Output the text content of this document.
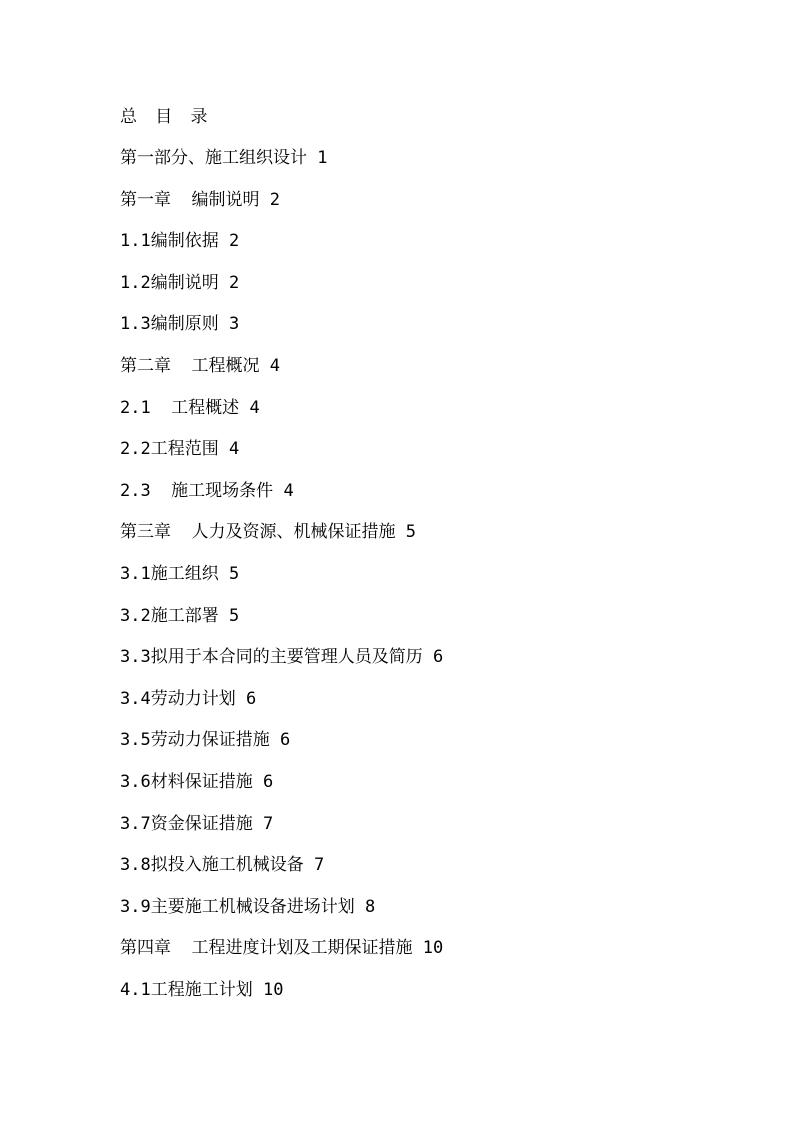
总 目 录
第一部分、施工组织设计 1
第一章  编制说明 2
1.1编制依据 2
1.2编制说明 2
1.3编制原则 3
第二章  工程概况 4
2.1  工程概述 4
2.2工程范围 4
2.3  施工现场条件 4
第三章  人力及资源、机械保证措施 5
3.1施工组织 5
3.2施工部署 5
3.3拟用于本合同的主要管理人员及简历 6
3.4劳动力计划 6
3.5劳动力保证措施 6
3.6材料保证措施 6
3.7资金保证措施 7
3.8拟投入施工机械设备 7
3.9主要施工机械设备进场计划 8
第四章  工程进度计划及工期保证措施 10
4.1工程施工计划 10
